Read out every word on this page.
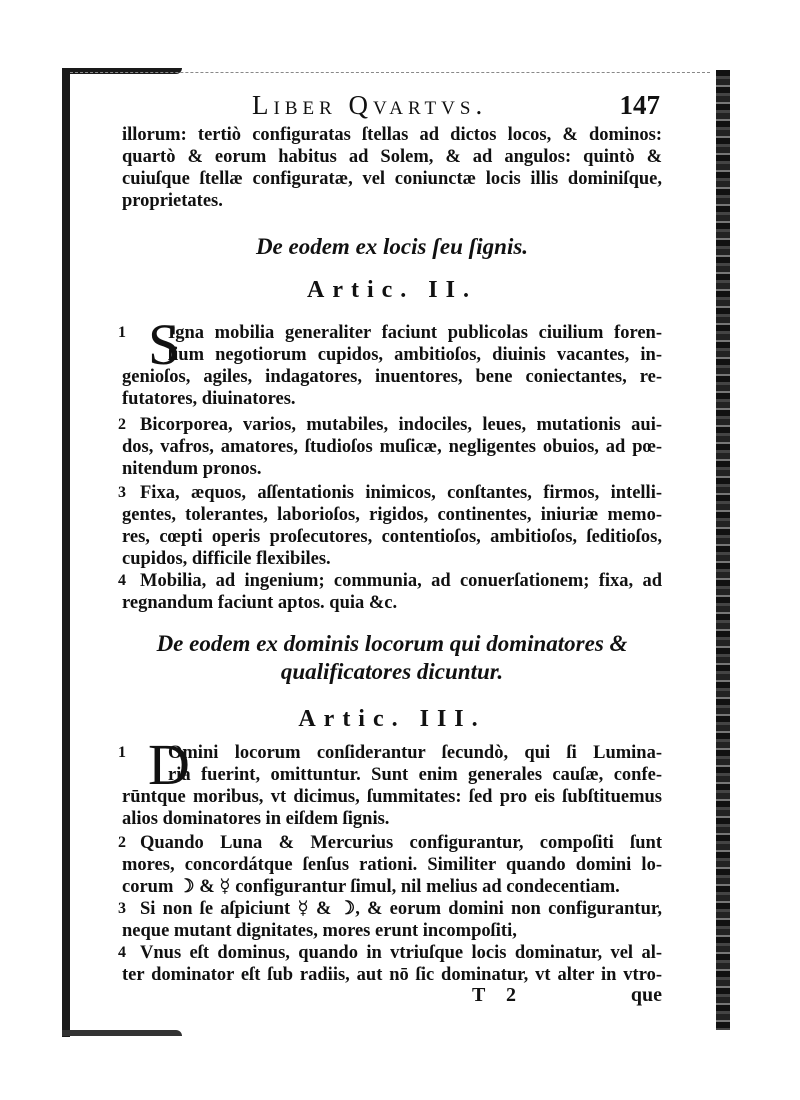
Liber Qvartvs.	147
illorum: tertiò configuratas ſtellas ad dictos locos, & dominos:
quartò & eorum habitus ad Solem, & ad angulos: quintò &
cuiuſque ſtellæ configuratæ, vel coniunctæ locis illis dominiſque,
proprietates.
De eodem ex locis ſeu ſignis.
Artic. II.
1 S
Igna mobilia generaliter faciunt publicolas ciuilium foren-
ſium negotiorum cupidos, ambitioſos, diuinis vacantes, in-
genioſos, agiles, indagatores, inuentores, bene coniectantes, re-
futatores, diuinatores.
2 Bicorporea, varios, mutabiles, indociles, leues, mutationis aui-
dos, vafros, amatores, ſtudioſos muſicæ, negligentes obuios, ad pœ-
nitendum pronos.
3 Fixa, æquos, aſſentationis inimicos, conſtantes, firmos, intelli-
gentes, tolerantes, laborioſos, rigidos, continentes, iniuriæ memo-
res, cœpti operis proſecutores, contentioſos, ambitioſos, ſeditioſos,
cupidos, difficile flexibiles.
4 Mobilia, ad ingenium; communia, ad conuerſationem; fixa, ad
regnandum faciunt aptos. quia &c.
De eodem ex dominis locorum qui dominatores &
qualificatores dicuntur.
Artic. III.
1 D
Omini locorum conſiderantur ſecundò, qui ſi Lumina-
ria fuerint, omittuntur. Sunt enim generales cauſæ, confe-
rūntque moribus, vt dicimus, ſummitates: ſed pro eis ſubſtituemus
alios dominatores in eiſdem ſignis.
2 Quando Luna & Mercurius configurantur, compoſiti ſunt
mores, concordátque ſenſus rationi. Similiter quando domini lo-
corum ☽ & ☿ configurantur ſimul, nil melius ad condecentiam.
3 Si non ſe aſpiciunt ☿ & ☽, & eorum domini non configurantur,
neque mutant dignitates, mores erunt incompoſiti,
4 Vnus eſt dominus, quando in vtriuſque locis dominatur, vel al-
ter dominator eſt ſub radiis, aut nō ſic dominatur, vt alter in vtro-
T 2	que
